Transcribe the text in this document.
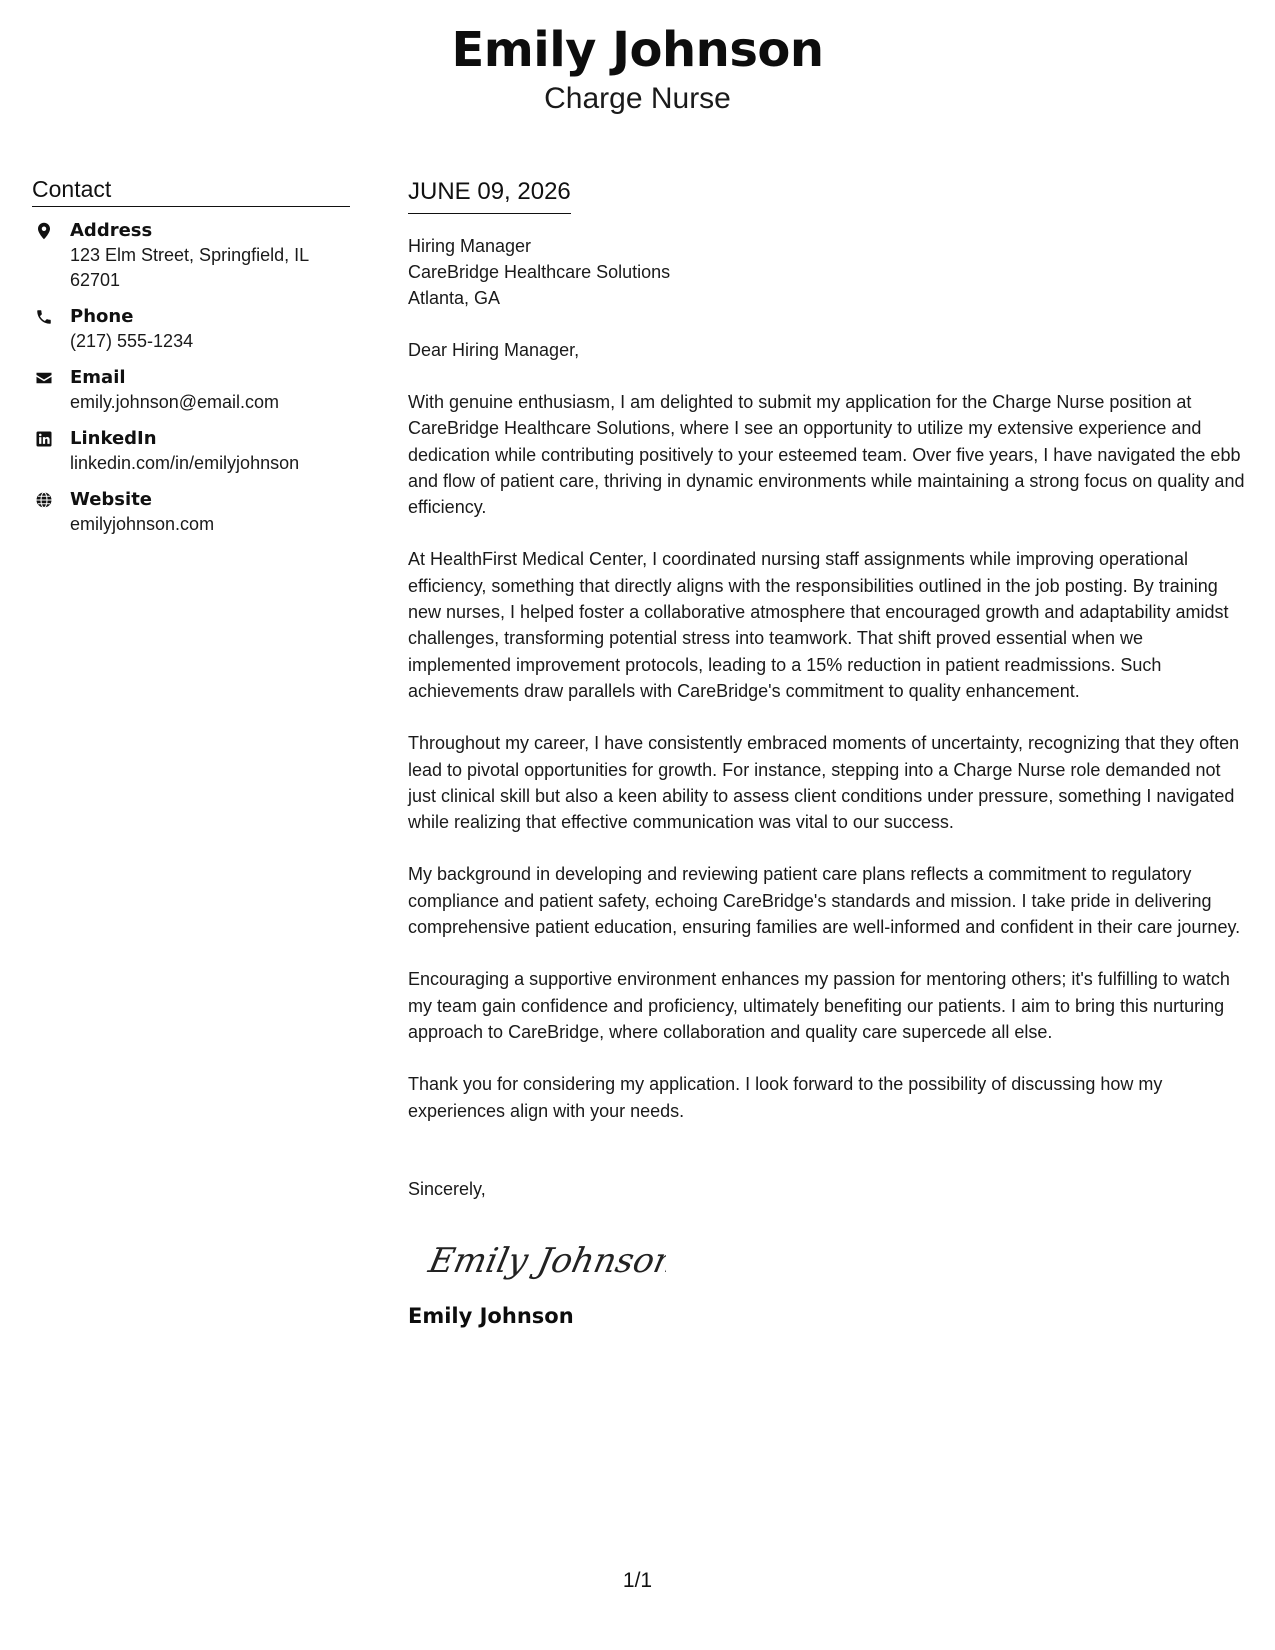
Emily Johnson
Charge Nurse
Contact
Address
123 Elm Street, Springfield, IL 62701
Phone
(217) 555-1234
Email
emily.johnson@email.com
LinkedIn
linkedin.com/in/emilyjohnson
Website
emilyjohnson.com
JUNE 09, 2026
Hiring Manager
CareBridge Healthcare Solutions
Atlanta, GA
Dear Hiring Manager,
With genuine enthusiasm, I am delighted to submit my application for the Charge Nurse position at CareBridge Healthcare Solutions, where I see an opportunity to utilize my extensive experience and dedication while contributing positively to your esteemed team. Over five years, I have navigated the ebb and flow of patient care, thriving in dynamic environments while maintaining a strong focus on quality and efficiency.
At HealthFirst Medical Center, I coordinated nursing staff assignments while improving operational efficiency, something that directly aligns with the responsibilities outlined in the job posting. By training new nurses, I helped foster a collaborative atmosphere that encouraged growth and adaptability amidst challenges, transforming potential stress into teamwork. That shift proved essential when we implemented improvement protocols, leading to a 15% reduction in patient readmissions. Such achievements draw parallels with CareBridge's commitment to quality enhancement.
Throughout my career, I have consistently embraced moments of uncertainty, recognizing that they often lead to pivotal opportunities for growth. For instance, stepping into a Charge Nurse role demanded not just clinical skill but also a keen ability to assess client conditions under pressure, something I navigated while realizing that effective communication was vital to our success.
My background in developing and reviewing patient care plans reflects a commitment to regulatory compliance and patient safety, echoing CareBridge's standards and mission. I take pride in delivering comprehensive patient education, ensuring families are well-informed and confident in their care journey.
Encouraging a supportive environment enhances my passion for mentoring others; it's fulfilling to watch my team gain confidence and proficiency, ultimately benefiting our patients. I aim to bring this nurturing approach to CareBridge, where collaboration and quality care supercede all else.
Thank you for considering my application. I look forward to the possibility of discussing how my experiences align with your needs.
Sincerely,
Emily Johnson
Emily Johnson
1/1
